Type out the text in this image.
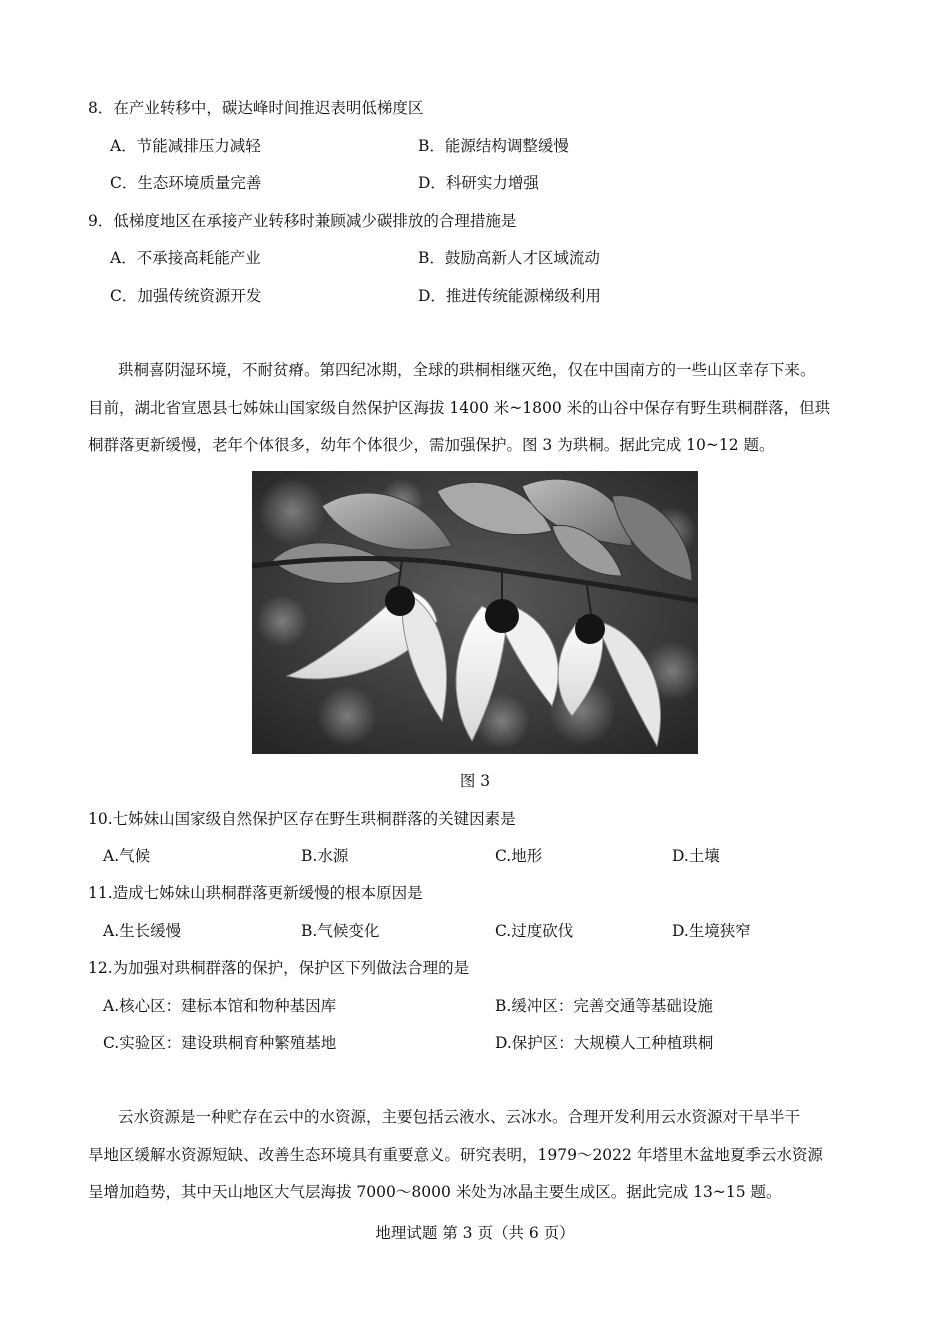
8．在产业转移中，碳达峰时间推迟表明低梯度区
A．节能减排压力减轻	B．能源结构调整缓慢
C．生态环境质量完善	D．科研实力增强
9．低梯度地区在承接产业转移时兼顾减少碳排放的合理措施是
A．不承接高耗能产业	B．鼓励高新人才区域流动
C．加强传统资源开发	D．推进传统能源梯级利用
珙桐喜阴湿环境，不耐贫瘠。第四纪冰期，全球的珙桐相继灭绝，仅在中国南方的一些山区幸存下来。
目前，湖北省宣恩县七姊妹山国家级自然保护区海拔 1400 米~1800 米的山谷中保存有野生珙桐群落，但珙
桐群落更新缓慢，老年个体很多，幼年个体很少，需加强保护。图 3 为珙桐。据此完成 10~12 题。
图 3
10.七姊妹山国家级自然保护区存在野生珙桐群落的关键因素是
A.气候	B.水源	C.地形	D.土壤
11.造成七姊妹山珙桐群落更新缓慢的根本原因是
A.生长缓慢	B.气候变化	C.过度砍伐	D.生境狭窄
12.为加强对珙桐群落的保护，保护区下列做法合理的是
A.核心区：建标本馆和物种基因库	B.缓冲区：完善交通等基础设施
C.实验区：建设珙桐育种繁殖基地	D.保护区：大规模人工种植珙桐
云水资源是一种贮存在云中的水资源，主要包括云液水、云冰水。合理开发利用云水资源对干旱半干
旱地区缓解水资源短缺、改善生态环境具有重要意义。研究表明，1979～2022 年塔里木盆地夏季云水资源
呈增加趋势，其中天山地区大气层海拔 7000～8000 米处为冰晶主要生成区。据此完成 13~15 题。
地理试题 第 3 页（共 6 页）
